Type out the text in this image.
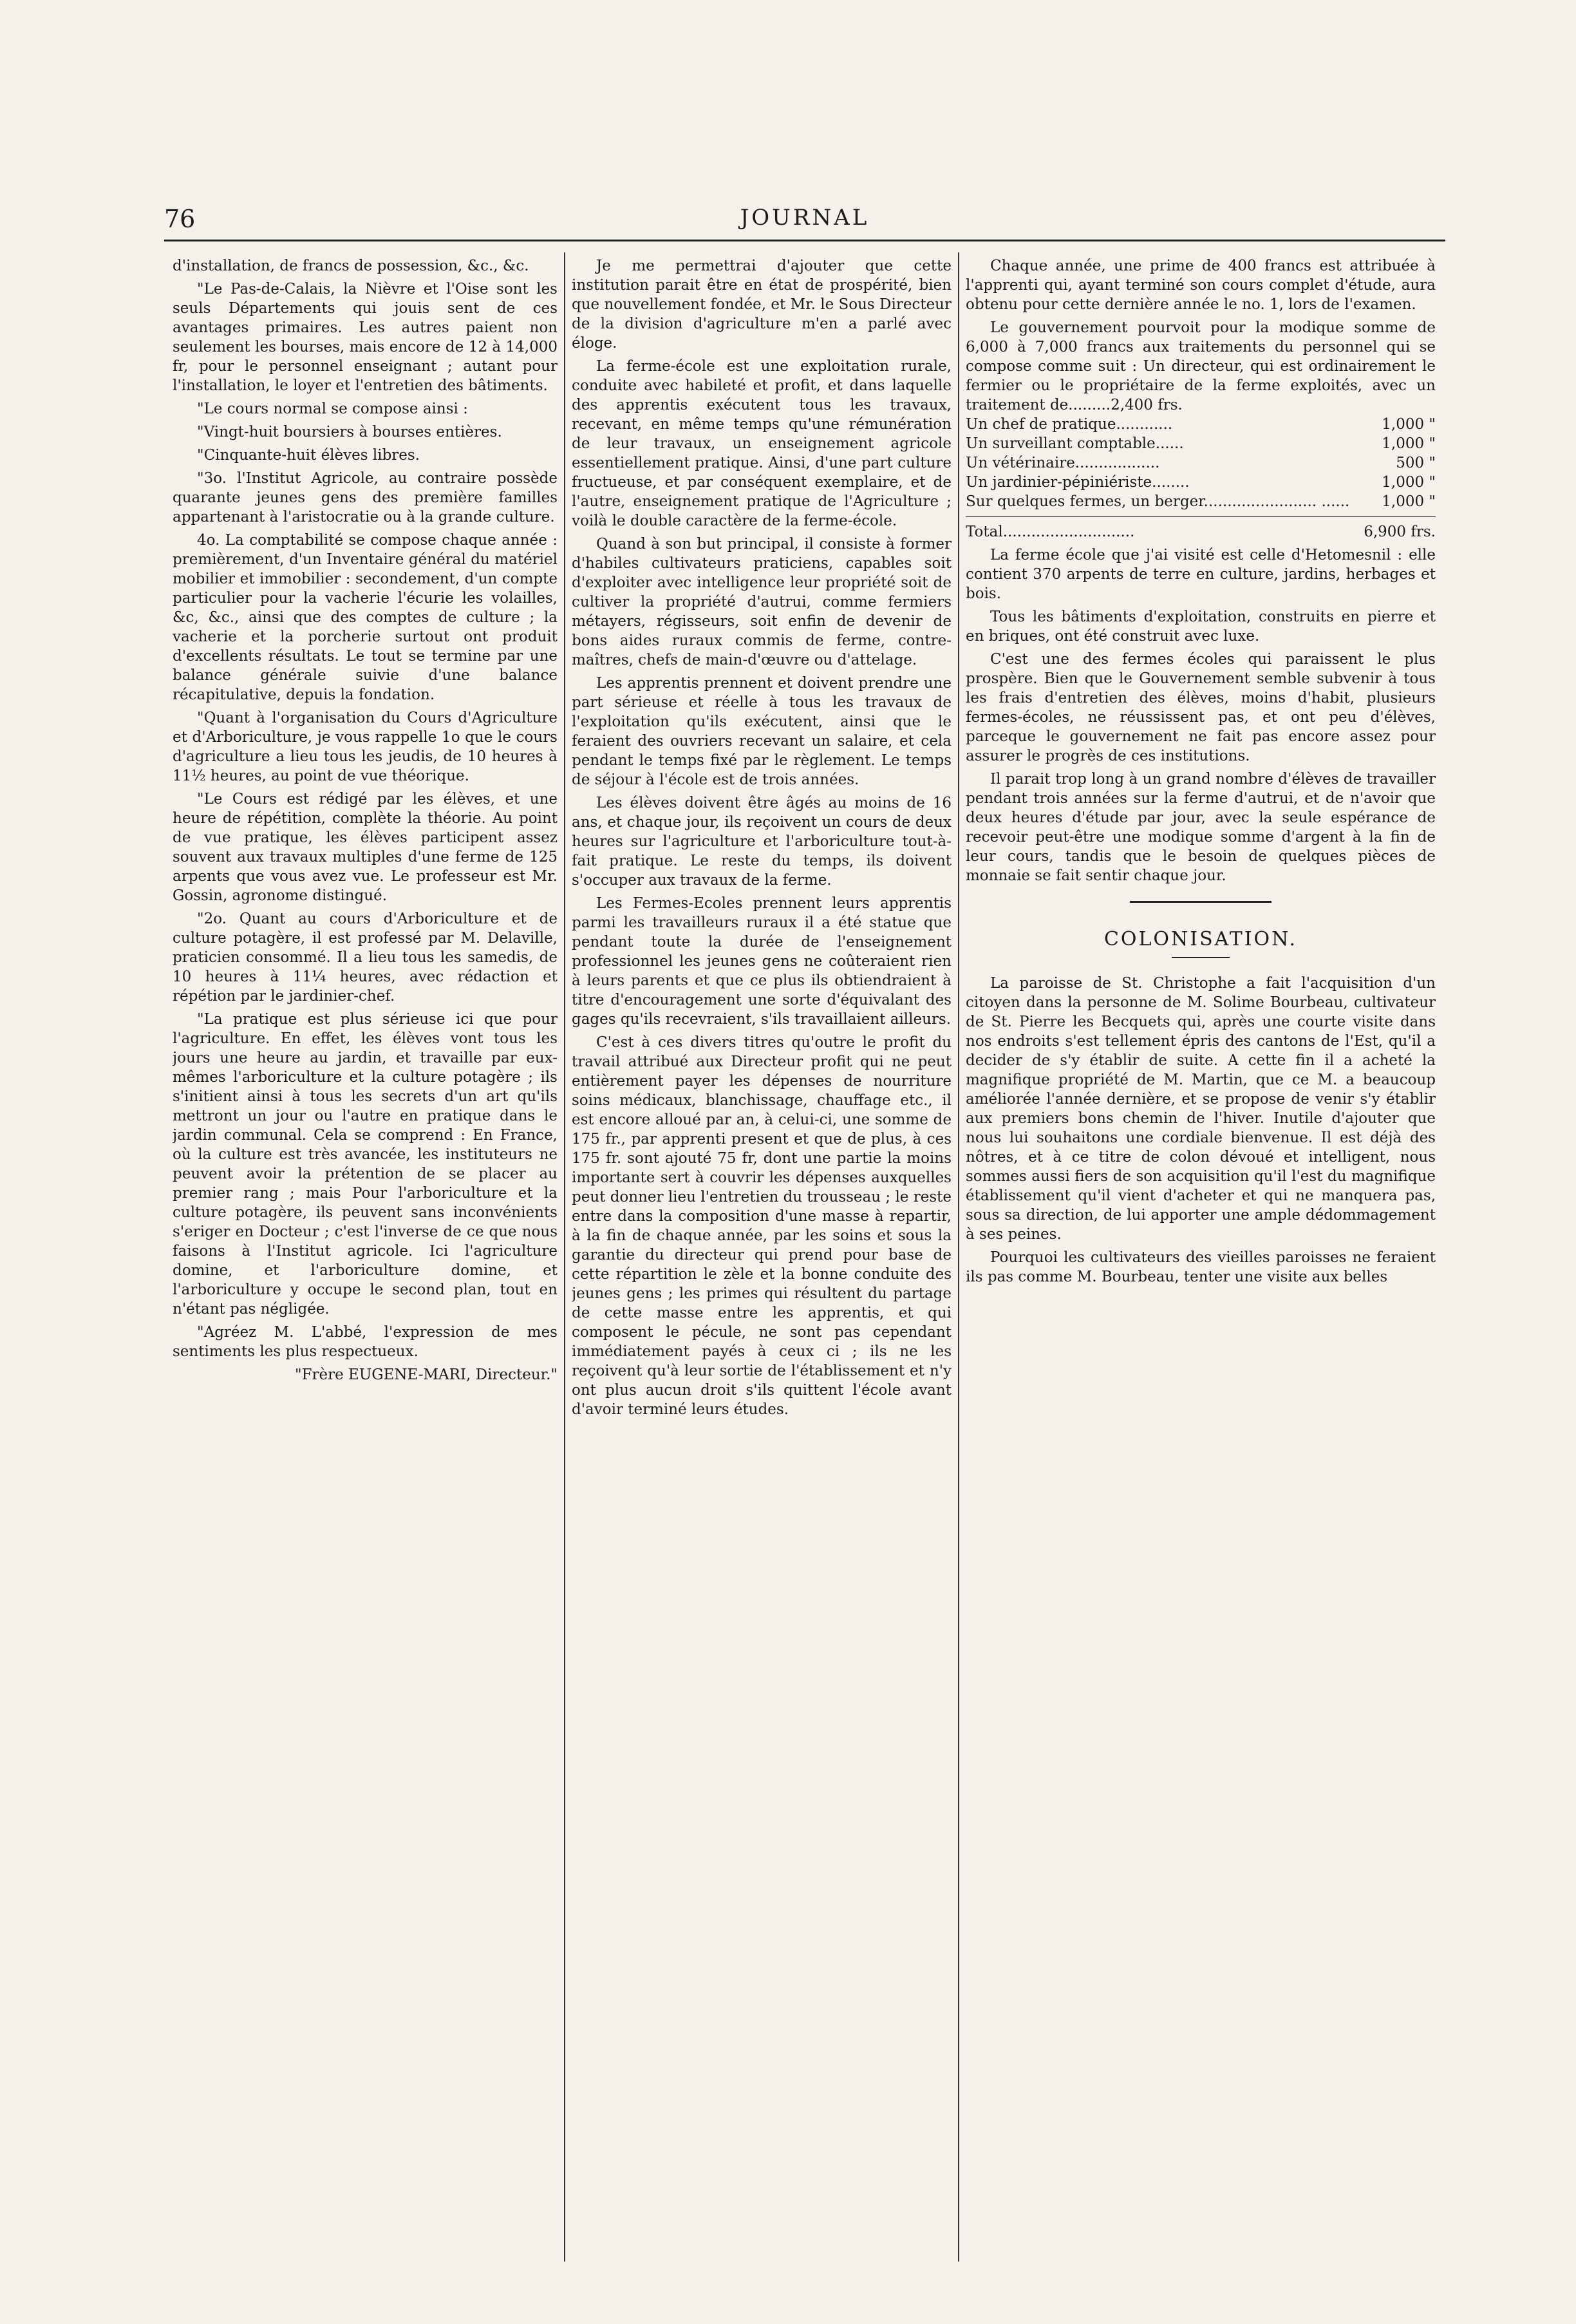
76	JOURNAL

d'installation, de francs de possession, &c., &c.

"Le Pas-de-Calais, la Nièvre et l'Oise sont les seuls Départements qui jouis sent de ces avantages primaires. Les autres paient non seulement les bourses, mais encore de 12 à 14,000 fr, pour le personnel enseignant ; autant pour l'installation, le loyer et l'entretien des bâtiments.

"Le cours normal se compose ainsi :

"Vingt-huit boursiers à bourses entières.

"Cinquante-huit élèves libres.

"3o. l'Institut Agricole, au contraire possède quarante jeunes gens des première familles appartenant à l'aristocratie ou à la grande culture.

4o. La comptabilité se compose chaque année : premièrement, d'un Inventaire général du matériel mobilier et immobilier : secondement, d'un compte particulier pour la vacherie l'écurie les volailles, &c, &c., ainsi que des comptes de culture ; la vacherie et la porcherie surtout ont produit d'excellents résultats. Le tout se termine par une balance générale suivie d'une balance récapitulative, depuis la fondation.

"Quant à l'organisation du Cours d'Agriculture et d'Arboriculture, je vous rappelle 1o que le cours d'agriculture a lieu tous les jeudis, de 10 heures à 11½ heures, au point de vue théorique.

"Le Cours est rédigé par les élèves, et une heure de répétition, complète la théorie. Au point de vue pratique, les élèves participent assez souvent aux travaux multiples d'une ferme de 125 arpents que vous avez vue. Le professeur est Mr. Gossin, agronome distingué.

"2o. Quant au cours d'Arboriculture et de culture potagère, il est professé par M. Delaville, praticien consommé. Il a lieu tous les samedis, de 10 heures à 11¼ heures, avec rédaction et répétion par le jardinier-chef.

"La pratique est plus sérieuse ici que pour l'agriculture. En effet, les élèves vont tous les jours une heure au jardin, et travaille par eux-mêmes l'arboriculture et la culture potagère ; ils s'initient ainsi à tous les secrets d'un art qu'ils mettront un jour ou l'autre en pratique dans le jardin communal. Cela se comprend : En France, où la culture est très avancée, les instituteurs ne peuvent avoir la prétention de se placer au premier rang ; mais Pour l'arboriculture et la culture potagère, ils peuvent sans inconvénients s'eriger en Docteur ; c'est l'inverse de ce que nous faisons à l'Institut agricole. Ici l'agriculture domine, et l'arboriculture domine, et l'arboriculture y occupe le second plan, tout en n'étant pas négligée.

"Agréez M. L'abbé, l'expression de mes sentiments les plus respectueux.

"Frère EUGENE-MARI, Directeur."

Je me permettrai d'ajouter que cette institution parait être en état de prospérité, bien que nouvellement fondée, et Mr. le Sous Directeur de la division d'agriculture m'en a parlé avec éloge.

La ferme-école est une exploitation rurale, conduite avec habileté et profit, et dans laquelle des apprentis exécutent tous les travaux, recevant, en même temps qu'une rémunération de leur travaux, un enseignement agricole essentiellement pratique. Ainsi, d'une part culture fructueuse, et par conséquent exemplaire, et de l'autre, enseignement pratique de l'Agriculture ; voilà le double caractère de la ferme-école.

Quand à son but principal, il consiste à former d'habiles cultivateurs praticiens, capables soit d'exploiter avec intelligence leur propriété soit de cultiver la propriété d'autrui, comme fermiers métayers, régisseurs, soit enfin de devenir de bons aides ruraux commis de ferme, contre-maîtres, chefs de main-d'œuvre ou d'attelage.

Les apprentis prennent et doivent prendre une part sérieuse et réelle à tous les travaux de l'exploitation qu'ils exécutent, ainsi que le feraient des ouvriers recevant un salaire, et cela pendant le temps fixé par le règlement. Le temps de séjour à l'école est de trois années.

Les élèves doivent être âgés au moins de 16 ans, et chaque jour, ils reçoivent un cours de deux heures sur l'agriculture et l'arboriculture tout-à-fait pratique. Le reste du temps, ils doivent s'occuper aux travaux de la ferme.

Les Fermes-Ecoles prennent leurs apprentis parmi les travailleurs ruraux il a été statue que pendant toute la durée de l'enseignement professionnel les jeunes gens ne coûteraient rien à leurs parents et que ce plus ils obtiendraient à titre d'encouragement une sorte d'équivalant des gages qu'ils recevraient, s'ils travaillaient ailleurs.

C'est à ces divers titres qu'outre le profit du travail attribué aux Directeur profit qui ne peut entièrement payer les dépenses de nourriture soins médicaux, blanchissage, chauffage etc., il est encore alloué par an, à celui-ci, une somme de 175 fr., par apprenti present et que de plus, à ces 175 fr. sont ajouté 75 fr, dont une partie la moins importante sert à couvrir les dépenses auxquelles peut donner lieu l'entretien du trousseau ; le reste entre dans la composition d'une masse à repartir, à la fin de chaque année, par les soins et sous la garantie du directeur qui prend pour base de cette répartition le zèle et la bonne conduite des jeunes gens ; les primes qui résultent du partage de cette masse entre les apprentis, et qui composent le pécule, ne sont pas cependant immédiatement payés à ceux ci ; ils ne les reçoivent qu'à leur sortie de l'établissement et n'y ont plus aucun droit s'ils quittent l'école avant d'avoir terminé leurs études.

Chaque année, une prime de 400 francs est attribuée à l'apprenti qui, ayant terminé son cours complet d'étude, aura obtenu pour cette dernière année le no. 1, lors de l'examen.

Le gouvernement pourvoit pour la modique somme de 6,000 à 7,000 francs aux traitements du personnel qui se compose comme suit : Un directeur, qui est ordinairement le fermier ou le propriétaire de la ferme exploités, avec un traitement de.........2,400 frs.

Un chef de pratique............	1,000 "
Un surveillant comptable......	1,000 "
Un vétérinaire..................	500 "
Un jardinier-pépiniériste........	1,000 "
Sur quelques fermes, un berger........................ ......	1,000 "
Total............................	6,900 frs.

La ferme école que j'ai visité est celle d'Hetomesnil : elle contient 370 arpents de terre en culture, jardins, herbages et bois.

Tous les bâtiments d'exploitation, construits en pierre et en briques, ont été construit avec luxe.

C'est une des fermes écoles qui paraissent le plus prospère. Bien que le Gouvernement semble subvenir à tous les frais d'entretien des élèves, moins d'habit, plusieurs fermes-écoles, ne réussissent pas, et ont peu d'élèves, parceque le gouvernement ne fait pas encore assez pour assurer le progrès de ces institutions.

Il parait trop long à un grand nombre d'élèves de travailler pendant trois années sur la ferme d'autrui, et de n'avoir que deux heures d'étude par jour, avec la seule espérance de recevoir peut-être une modique somme d'argent à la fin de leur cours, tandis que le besoin de quelques pièces de monnaie se fait sentir chaque jour.

COLONISATION.

La paroisse de St. Christophe a fait l'acquisition d'un citoyen dans la personne de M. Solime Bourbeau, cultivateur de St. Pierre les Becquets qui, après une courte visite dans nos endroits s'est tellement épris des cantons de l'Est, qu'il a decider de s'y établir de suite. A cette fin il a acheté la magnifique propriété de M. Martin, que ce M. a beaucoup améliorée l'année dernière, et se propose de venir s'y établir aux premiers bons chemin de l'hiver. Inutile d'ajouter que nous lui souhaitons une cordiale bienvenue. Il est déjà des nôtres, et à ce titre de colon dévoué et intelligent, nous sommes aussi fiers de son acquisition qu'il l'est du magnifique établissement qu'il vient d'acheter et qui ne manquera pas, sous sa direction, de lui apporter une ample dédommagement à ses peines.

Pourquoi les cultivateurs des vieilles paroisses ne feraient ils pas comme M. Bourbeau, tenter une visite aux belles
